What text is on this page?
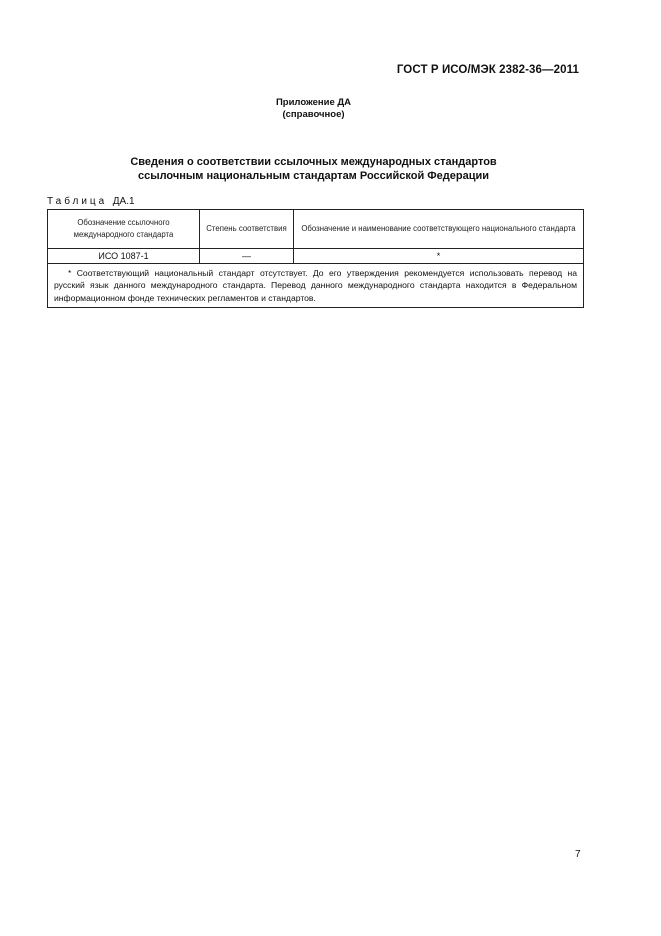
ГОСТ Р ИСО/МЭК 2382-36—2011
Приложение ДА
(справочное)
Сведения о соответствии ссылочных международных стандартов
ссылочным национальным стандартам Российской Федерации
Таблица ДА.1
Обозначение ссылочного международного стандарта	Степень соответствия	Обозначение и наименование соответствующего национального стандарта
ИСО 1087-1	—	*

* Соответствующий национальный стандарт отсутствует. До его утверждения рекомендуется использовать перевод на русский язык данного международного стандарта. Перевод данного международного стандарта находится в Федеральном информационном фонде технических регламентов и стандартов.		
7
